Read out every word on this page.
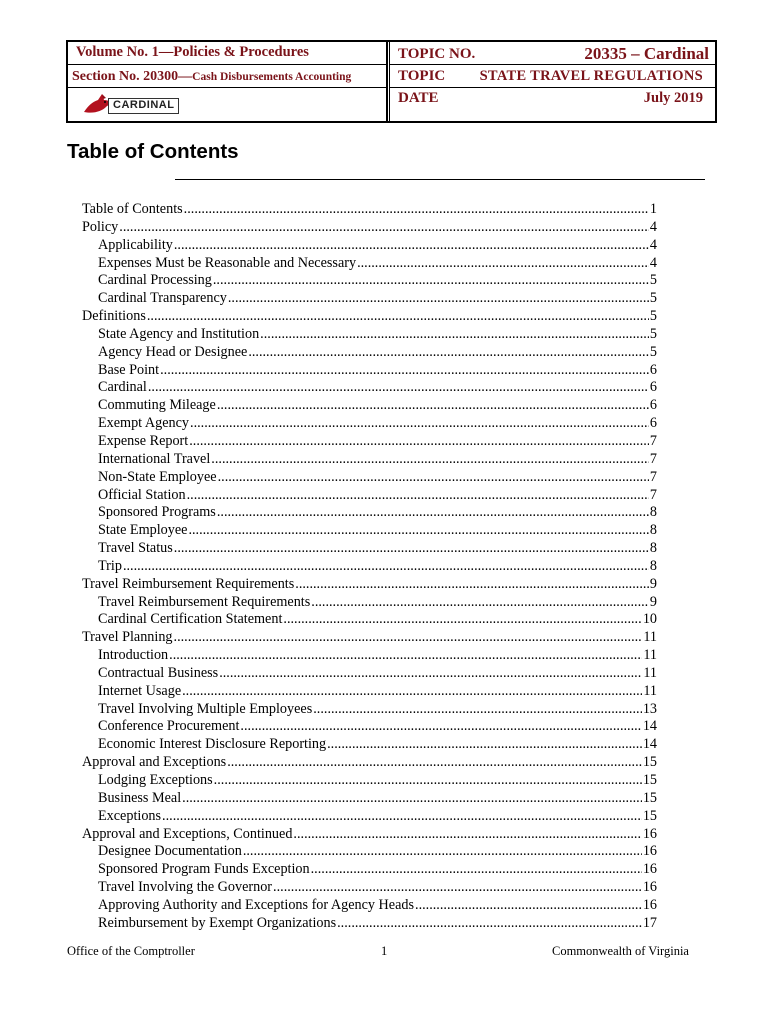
Volume No. 1—Policies & Procedures
Section No. 20300—Cash Disbursements Accounting
CARDINAL
TOPIC NO.	20335 – Cardinal
TOPIC STATE TRAVEL REGULATIONS
DATE	July 2019
Table of Contents
Table of Contents .....	1
Policy .....	4
Applicability .....	4
Expenses Must be Reasonable and Necessary .....	4
Cardinal Processing .....	5
Cardinal Transparency .....	5
Definitions .....	5
State Agency and Institution .....	5
Agency Head or Designee .....	5
Base Point .....	6
Cardinal .....	6
Commuting Mileage .....	6
Exempt Agency .....	6
Expense Report .....	7
International Travel .....	7
Non-State Employee .....	7
Official Station .....	7
Sponsored Programs .....	8
State Employee .....	8
Travel Status .....	8
Trip .....	8
Travel Reimbursement Requirements .....	9
Travel Reimbursement Requirements .....	9
Cardinal Certification Statement .....	10
Travel Planning .....	11
Introduction .....	11
Contractual Business .....	11
Internet Usage .....	11
Travel Involving Multiple Employees .....	13
Conference Procurement .....	14
Economic Interest Disclosure Reporting .....	14
Approval and Exceptions .....	15
Lodging Exceptions .....	15
Business Meal .....	15
Exceptions .....	15
Approval and Exceptions, Continued .....	16
Designee Documentation .....	16
Sponsored Program Funds Exception .....	16
Travel Involving the Governor .....	16
Approving Authority and Exceptions for Agency Heads .....	16
Reimbursement by Exempt Organizations .....	17
Office of the Comptroller	1	Commonwealth of Virginia
